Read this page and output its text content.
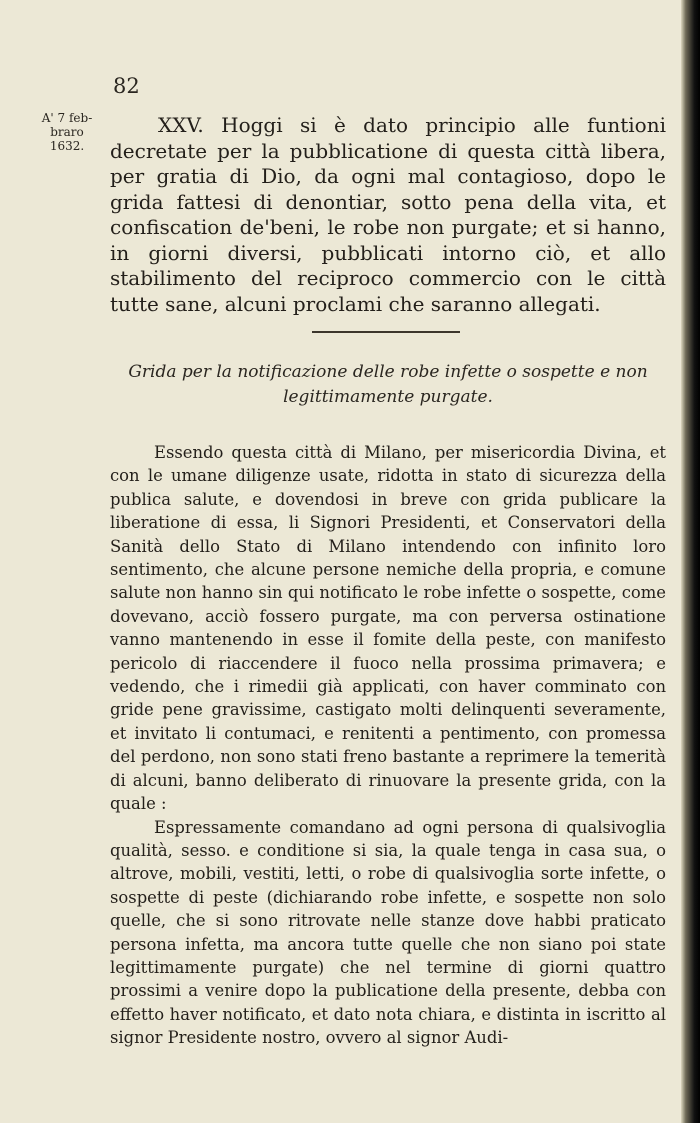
82
A' 7 feb-
braro
1632.
XXV. Hoggi si è dato principio alle funtioni decretate per la pubblicatione di questa città libera, per gratia di Dio, da ogni mal contagioso, dopo le grida fattesi di denontiar, sotto pena della vita, et confiscation de'beni, le robe non purgate; et si hanno, in giorni diversi, pubblicati intorno ciò, et allo stabilimento del reciproco commercio con le città tutte sane, alcuni proclami che saranno allegati.
Grida per la notificazione delle robe infette o sospette e non
legittimamente purgate.

Essendo questa città di Milano, per misericordia Divina, et con le umane diligenze usate, ridotta in stato di sicurezza della publica salute, e dovendosi in breve con grida publicare la liberatione di essa, li Signori Presidenti, et Conservatori della Sanità dello Stato di Milano intendendo con infinito loro sentimento, che alcune persone nemiche della propria, e comune salute non hanno sin qui notificato le robe infette o sospette, come dovevano, acciò fossero purgate, ma con perversa ostinatione vanno mantenendo in esse il fomite della peste, con manifesto pericolo di riaccendere il fuoco nella prossima primavera; e vedendo, che i rimedii già applicati, con haver comminato con gride pene gravissime, castigato molti delinquenti severamente, et invitato li contumaci, e renitenti a pentimento, con promessa del perdono, non sono stati freno bastante a reprimere la temerità di alcuni, banno deliberato di rinuovare la presente grida, con la quale :

Espressamente comandano ad ogni persona di qualsivoglia qualità, sesso. e conditione si sia, la quale tenga in casa sua, o altrove, mobili, vestiti, letti, o robe di qualsivoglia sorte infette, o sospette di peste (dichiarando robe infette, e sospette non solo quelle, che si sono ritrovate nelle stanze dove habbi praticato persona infetta, ma ancora tutte quelle che non siano poi state legittimamente purgate) che nel termine di giorni quattro prossimi a venire dopo la publicatione della presente, debba con effetto haver notificato, et dato nota chiara, e distinta in iscritto al signor Presidente nostro, ovvero al signor Audi-
